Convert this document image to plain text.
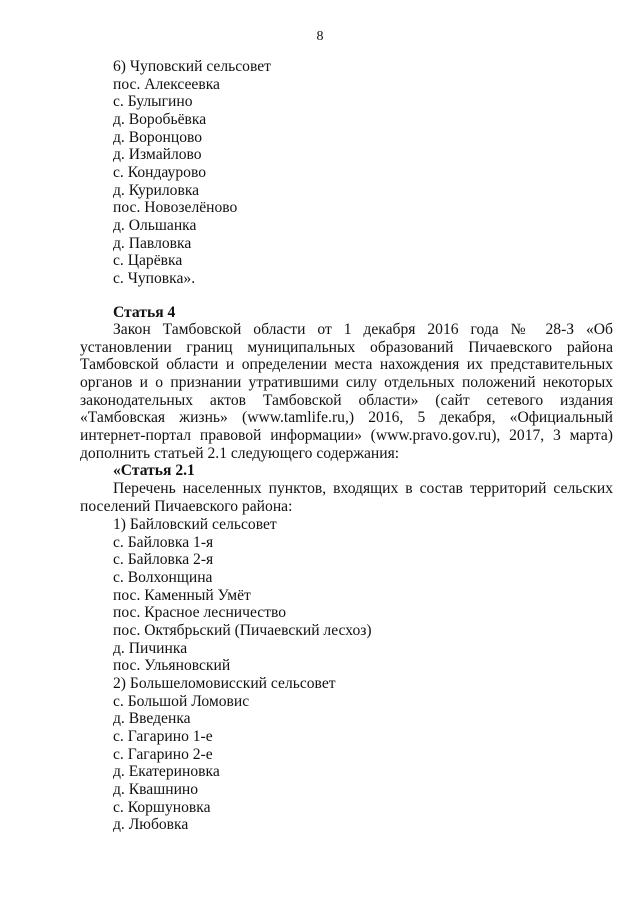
8
6) Чуповский сельсовет
пос. Алексеевка
с. Булыгино
д. Воробьёвка
д. Воронцово
д. Измайлово
с. Кондаурово
д. Куриловка
пос. Новозелёново
д. Ольшанка
д. Павловка
с. Царёвка
с. Чуповка».
Статья 4
Закон Тамбовской области от 1 декабря 2016 года № 28-З «Об установлении границ муниципальных образований Пичаевского района Тамбовской области и определении места нахождения их представительных органов и о признании утратившими силу отдельных положений некоторых законодательных актов Тамбовской области» (сайт сетевого издания «Тамбовская жизнь» (www.tamlife.ru,) 2016, 5 декабря, «Официальный интернет-портал правовой информации» (www.pravo.gov.ru), 2017, 3 марта) дополнить статьей 2.1 следующего содержания:
«Статья 2.1
Перечень населенных пунктов, входящих в состав территорий сельских поселений Пичаевского района:
1) Байловский сельсовет
с. Байловка 1-я
с. Байловка 2-я
с. Волхонщина
пос. Каменный Умёт
пос. Красное лесничество
пос. Октябрьский (Пичаевский лесхоз)
д. Пичинка
пос. Ульяновский
2) Большеломовисский сельсовет
с. Большой Ломовис
д. Введенка
с. Гагарино 1-е
с. Гагарино 2-е
д. Екатериновка
д. Квашнино
с. Коршуновка
д. Любовка
